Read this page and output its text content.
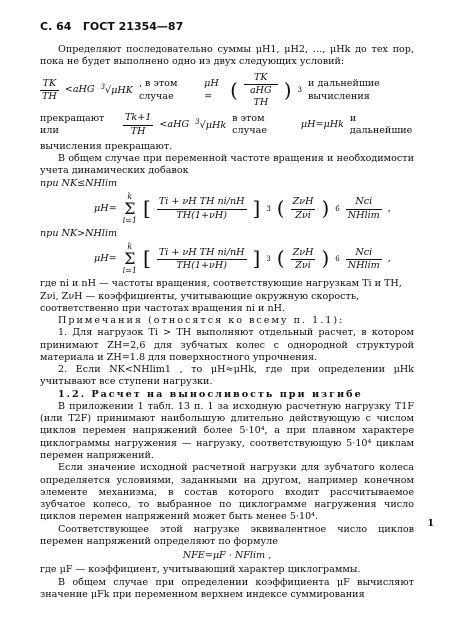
С. 64 ГОСТ 21354—87

Определяют последовательно суммы μH1, μH2, …, μHk до тех пор, пока не будет выполнено одно из двух следующих условий:

$\frac{TK}{TH} <aHG$ $^3$√μHK
, в этом случае
μH = ( $\frac{TK}{\text{aHG TH}}$ ) 3
и дальнейшие вычисления
прекращают или	$\frac{Tk+1}{TH} <aHG$ $^3$√μHk
в этом случае
μH=μHk
и дальнейшие

вычисления прекращают.

В общем случае при переменной частоте вращения и необходимости учета динамических добавок

при NK≤NHlim

μH=
k
Σ
i=1
[ $\frac{\text{Ti + νH TH ni/nH}}{TH(1+\nu H)}$ ] 3 ( $\frac{\text{ZνH}}{\text{Zνi}}$ ) $6 \frac{\text{Nci}}{NHlim}$ ,

при NK>NHlim

μH=
k
Σ
i=1
[ $\frac{\text{Ti + νH TH ni/nH}}{TH(1+\nu H)}$ ] 3 ( $\frac{\text{ZνH}}{\text{Zνi}}$ ) $6 \frac{\text{Nci}}{NHlim}$ ,

где ni и nH — частоты вращения, соответствующие нагрузкам Ti и TH, Zνi, ZνH — коэффициенты, учитывающие окружную скорость, соответственно при частотах вращения ni и nH.

Примечания (относятся ко всему п. 1.1):

1. Для нагрузок Ti > TH выполняют отдельный расчет, в котором принимают ZH=2,6 для зубчатых колес с однородной структурой материала и ZH=1.8 для поверхностного упрочнения.

2. Если NK<NHlim1 , то μH≈μHk, где при определении μHk учитывают все ступени нагрузки.

1.2. Расчет на выносливость при изгибе

В приложении 1 табл. 13 п. 1 за исходную расчетную нагрузку T1F (или T2F) принимают наибольшую длительно действующую с числом циклов перемен напряжений более 5·10⁴, а при плавном характере циклограммы нагружения — нагрузку, соответствующую 5·10⁴ циклам перемен напряжений.

Если значение исходной расчетной нагрузки для зубчатого колеса определяется условиями, заданными на другом, например конечном элементе механизма, в состав которого входит рассчитываемое зубчатое колесо, то выбранное по циклограмме нагружения число циклов перемен напряжений может быть менее 5·10⁴.

Соответствующее этой нагрузке эквивалентное число циклов перемен напряжений определяют по формуле

NFE=μF · NFlim ,

где μF — коэффициент, учитывающий характер циклограммы.

В общем случае при определении коэффициента μF вычисляют значение μFk при переменном верхнем индексе суммирования

1
